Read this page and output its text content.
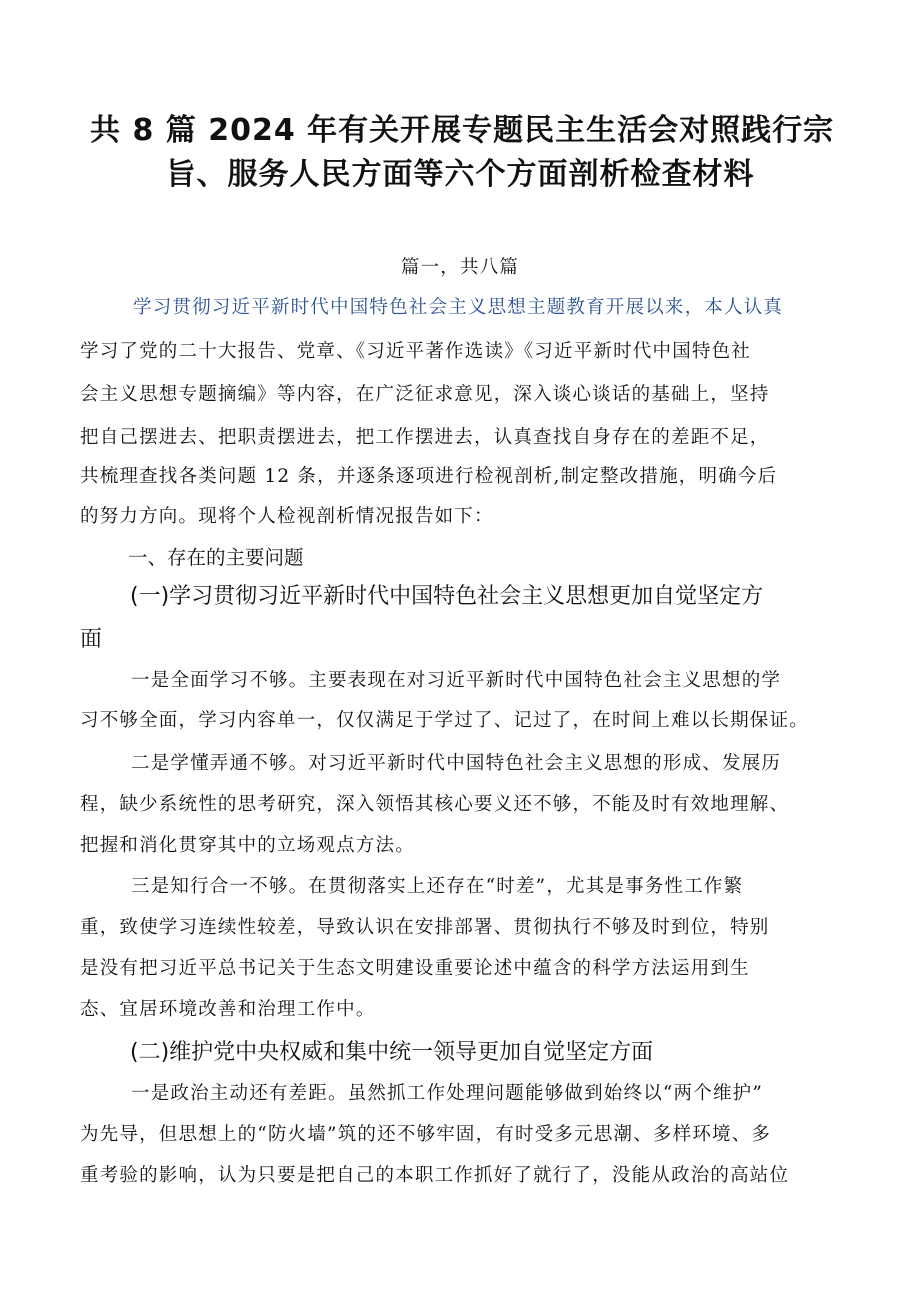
共 8 篇 2024 年有关开展专题民主生活会对照践行宗
旨、服务人民方面等六个方面剖析检查材料
篇一，共八篇
学习贯彻习近平新时代中国特色社会主义思想主题教育开展以来，本人认真
学习了党的二十大报告、党章、《习近平著作选读》《习近平新时代中国特色社
会主义思想专题摘编》等内容，在广泛征求意见，深入谈心谈话的基础上，坚持
把自己摆进去、把职责摆进去，把工作摆进去，认真查找自身存在的差距不足，
共梳理查找各类问题 12 条，并逐条逐项进行检视剖析,制定整改措施，明确今后
的努力方向。现将个人检视剖析情况报告如下：
一、存在的主要问题
(一)学习贯彻习近平新时代中国特色社会主义思想更加自觉坚定方
面
一是全面学习不够。主要表现在对习近平新时代中国特色社会主义思想的学
习不够全面，学习内容单一，仅仅满足于学过了、记过了，在时间上难以长期保证。
二是学懂弄通不够。对习近平新时代中国特色社会主义思想的形成、发展历
程，缺少系统性的思考研究，深入领悟其核心要义还不够，不能及时有效地理解、
把握和消化贯穿其中的立场观点方法。
三是知行合一不够。在贯彻落实上还存在“时差”，尤其是事务性工作繁
重，致使学习连续性较差，导致认识在安排部署、贯彻执行不够及时到位，特别
是没有把习近平总书记关于生态文明建设重要论述中蕴含的科学方法运用到生
态、宜居环境改善和治理工作中。
(二)维护党中央权威和集中统一领导更加自觉坚定方面
一是政治主动还有差距。虽然抓工作处理问题能够做到始终以“两个维护”
为先导，但思想上的“防火墙”筑的还不够牢固，有时受多元思潮、多样环境、多
重考验的影响，认为只要是把自己的本职工作抓好了就行了，没能从政治的高站位
